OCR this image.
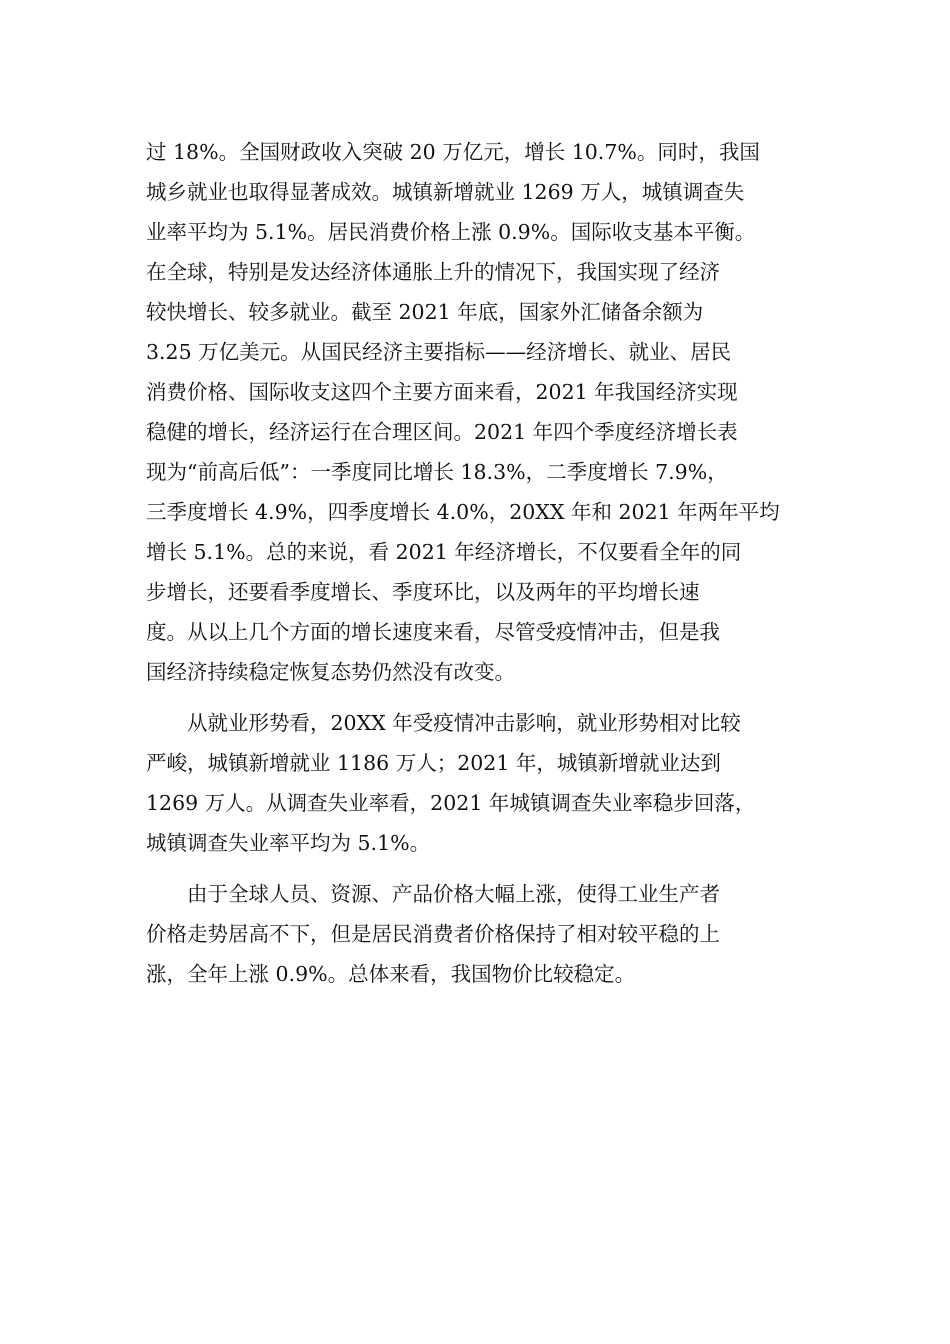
过 18%。全国财政收入突破 20 万亿元，增长 10.7%。同时，我国
城乡就业也取得显著成效。城镇新增就业 1269 万人，城镇调查失
业率平均为 5.1%。居民消费价格上涨 0.9%。国际收支基本平衡。
在全球，特别是发达经济体通胀上升的情况下，我国实现了经济
较快增长、较多就业。截至 2021 年底，国家外汇储备余额为
3.25 万亿美元。从国民经济主要指标——经济增长、就业、居民
消费价格、国际收支这四个主要方面来看，2021 年我国经济实现
稳健的增长，经济运行在合理区间。2021 年四个季度经济增长表
现为“前高后低”：一季度同比增长 18.3%，二季度增长 7.9%，
三季度增长 4.9%，四季度增长 4.0%，20XX 年和 2021 年两年平均
增长 5.1%。总的来说，看 2021 年经济增长，不仅要看全年的同
步增长，还要看季度增长、季度环比，以及两年的平均增长速
度。从以上几个方面的增长速度来看，尽管受疫情冲击，但是我
国经济持续稳定恢复态势仍然没有改变。
从就业形势看，20XX 年受疫情冲击影响，就业形势相对比较
严峻，城镇新增就业 1186 万人；2021 年，城镇新增就业达到
1269 万人。从调查失业率看，2021 年城镇调查失业率稳步回落，
城镇调查失业率平均为 5.1%。
由于全球人员、资源、产品价格大幅上涨，使得工业生产者
价格走势居高不下，但是居民消费者价格保持了相对较平稳的上
涨，全年上涨 0.9%。总体来看，我国物价比较稳定。
